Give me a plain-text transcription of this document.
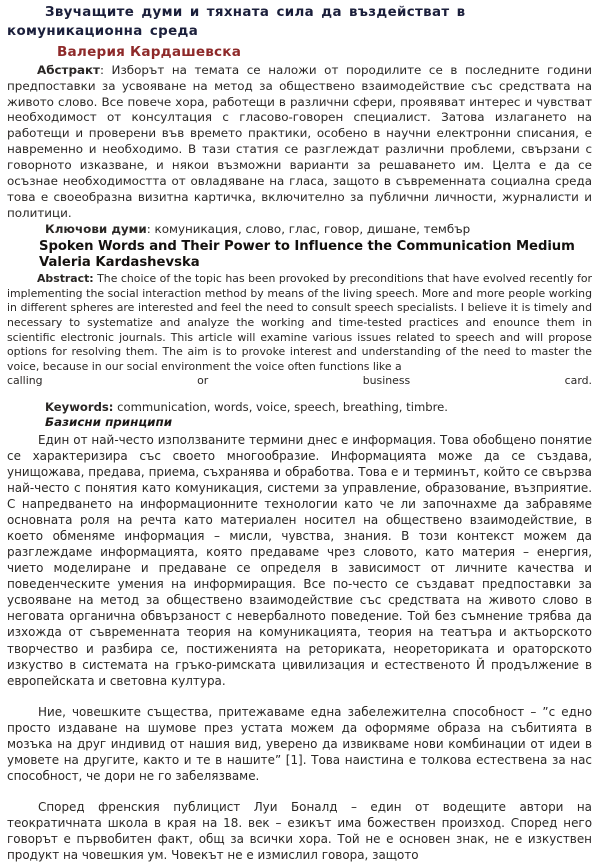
Звучащите думи и тяхната сила да въздействат в комуникационна среда
Валерия Кардашевска

Абстракт: Изборът на темата се наложи от породилите се в последните години предпоставки за усвояване на метод за обществено взаимодействие със средствата на живото слово. Все повече хора, работещи в различни сфери, проявяват интерес и чувстват необходимост от консултация с гласово-говорен специалист. Затова излагането на работещи и проверени във времето практики, особено в научни електронни списания, е навременно и необходимо. В тази статия се разглеждат различни проблеми, свързани с говорното изказване, и някои възможни варианти за решаването им. Целта е да се осъзнае необходимостта от овладяване на гласа, защото в съвременната социална среда това е своеобразна визитна картичка, включително за публични личности, журналисти и политици.

Ключови думи: комуникация, слово, глас, говор, дишане, тембър

Spoken Words and Their Power to Influence the Communication Medium
Valeria Kardashevska

Abstract: The choice of the topic has been provoked by preconditions that have evolved recently for implementing the social interaction method by means of the living speech. More and more people working in different spheres are interested and feel the need to consult speech specialists. I believe it is timely and necessary to systematize and analyze the working and time-tested practices and enounce them in scientific electronic journals. This article will examine various issues related to speech and will propose options for resolving them. The aim is to provoke interest and understanding of the need to master the voice, because in our social environment the voice often functions like a

calling	or	business	card.

Keywords: communication, words, voice, speech, breathing, timbre.

Базисни принципи

Един от най-често използваните термини днес е информация. Това обобщено понятие се характеризира със своето многообразие. Информацията може да се създава, унищожава, предава, приема, съхранява и обработва. Това е и терминът, който се свързва най-често с понятия като комуникация, системи за управление, образование, възприятие. С напредването на информационните технологии като че ли започнахме да забравяме основната роля на речта като материален носител на обществено взаимодействие, в което обменяме информация – мисли, чувства, знания. В този контекст можем да разглеждаме информацията, която предаваме чрез словото, като материя – енергия, чието моделиране и предаване се определя в зависимост от личните качества и поведенческите умения на информиращия. Все по-често се създават предпоставки за усвояване на метод за обществено взаимодействие със средствата на живото слово в неговата органична обвързаност с невербалното поведение. Той без съмнение трябва да изхожда от съвременната теория на комуникацията, теория на театъра и актьорското творчество и разбира се, постиженията на реториката, неореториката и ораторското изкуство в системата на гръко-римската цивилизация и естественото Й продължение в европейската и световна култура.

Ние, човешките същества, притежаваме една забележителна способност – ”с едно просто издаване на шумове през устата можем да оформяме образа на събитията в мозъка на друг индивид от нашия вид, уверено да извикваме нови комбинации от идеи в умовете на другите, както и те в нашите” [1]. Това наистина е толкова естествена за нас способност, че дори не го забелязваме.

Според френския публицист Луи Боналд – един от водещите автори на теократичната школа в края на 18. век – езикът има божествен произход. Според него говорът е първобитен факт, общ за всички хора. Той не е основен знак, не е изкуствен продукт на човешкия ум. Човекът не е измислил говора, защото
